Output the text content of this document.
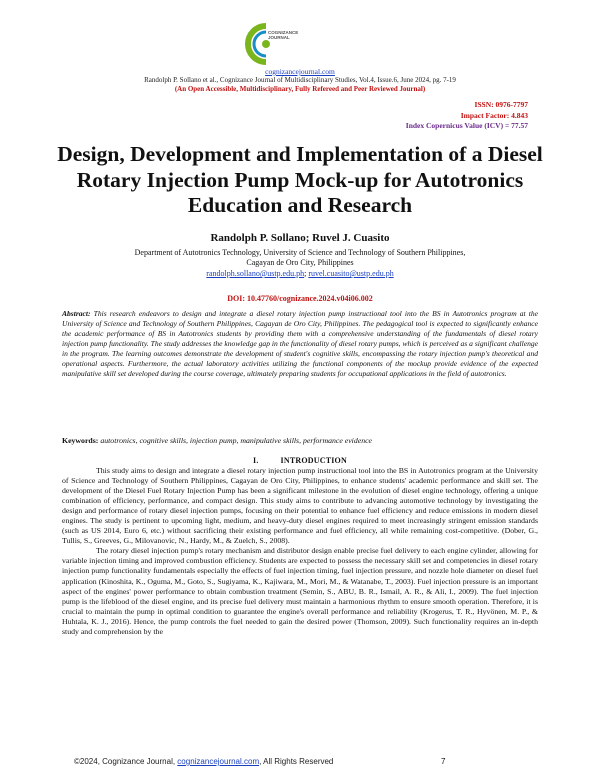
COGNIZANCE
JOURNAL
cognizancejournal.com
Randolph P. Sollano et al., Cognizance Journal of Multidisciplinary Studies, Vol.4, Issue.6, June 2024, pg. 7-19
(An Open Accessible, Multidisciplinary, Fully Refereed and Peer Reviewed Journal)
ISSN: 0976-7797
Impact Factor: 4.843
Index Copernicus Value (ICV) = 77.57
Design, Development and Implementation of a Diesel Rotary Injection Pump Mock-up for Autotronics Education and Research
Randolph P. Sollano; Ruvel J. Cuasito
Department of Autotronics Technology, University of Science and Technology of Southern Philippines,
Cagayan de Oro City, Philippines
randolph.sollano@ustp.edu.ph; ruvel.cuasito@ustp.edu.ph
DOI: 10.47760/cognizance.2024.v04i06.002
Abstract: This research endeavors to design and integrate a diesel rotary injection pump instructional tool into the BS in Autotronics program at the University of Science and Technology of Southern Philippines, Cagayan de Oro City, Philippines. The pedagogical tool is expected to significantly enhance the academic performance of BS in Autotronics students by providing them with a comprehensive understanding of the fundamentals of diesel rotary injection pump functionality. The study addresses the knowledge gap in the functionality of diesel rotary pumps, which is perceived as a significant challenge in the program. The learning outcomes demonstrate the development of student's cognitive skills, encompassing the rotary injection pump's theoretical and operational aspects. Furthermore, the actual laboratory activities utilizing the functional components of the mockup provide evidence of the expected manipulative skill set developed during the course coverage, ultimately preparing students for occupational applications in the field of autotronics.
Keywords: autotronics, cognitive skills, injection pump, manipulative skills, performance evidence
I.	INTRODUCTION

This study aims to design and integrate a diesel rotary injection pump instructional tool into the BS in Autotronics program at the University of Science and Technology of Southern Philippines, Cagayan de Oro City, Philippines, to enhance students' academic performance and skill set. The development of the Diesel Fuel Rotary Injection Pump has been a significant milestone in the evolution of diesel engine technology, offering a unique combination of efficiency, performance, and compact design. This study aims to contribute to advancing automotive technology by investigating the design and performance of rotary diesel injection pumps, focusing on their potential to enhance fuel efficiency and reduce emissions in modern diesel engines. The study is pertinent to upcoming light, medium, and heavy-duty diesel engines required to meet increasingly stringent emission standards (such as US 2014, Euro 6, etc.) without sacrificing their existing performance and fuel efficiency, all while remaining cost-competitive. (Dober, G., Tullis, S., Greeves, G., Milovanovic, N., Hardy, M., & Zuelch, S., 2008).

The rotary diesel injection pump's rotary mechanism and distributor design enable precise fuel delivery to each engine cylinder, allowing for variable injection timing and improved combustion efficiency. Students are expected to possess the necessary skill set and competencies in diesel rotary injection pump functionality fundamentals especially the effects of fuel injection timing, fuel injection pressure, and nozzle hole diameter on diesel fuel application (Kinoshita, K., Oguma, M., Goto, S., Sugiyama, K., Kajiwara, M., Mori, M., & Watanabe, T., 2003). Fuel injection pressure is an important aspect of the engines' power performance to obtain combustion treatment (Semin, S., ABU, B. R., Ismail, A. R., & Ali, I., 2009). The fuel injection pump is the lifeblood of the diesel engine, and its precise fuel delivery must maintain a harmonious rhythm to ensure smooth operation. Therefore, it is crucial to maintain the pump in optimal condition to guarantee the engine's overall performance and reliability (Krogerus, T. R., Hyvönen, M. P., & Huhtala, K. J., 2016). Hence, the pump controls the fuel needed to gain the desired power (Thomson, 2009). Such functionality requires an in-depth study and comprehension by the

©2024, Cognizance Journal, cognizancejournal.com, All Rights Reserved	7
